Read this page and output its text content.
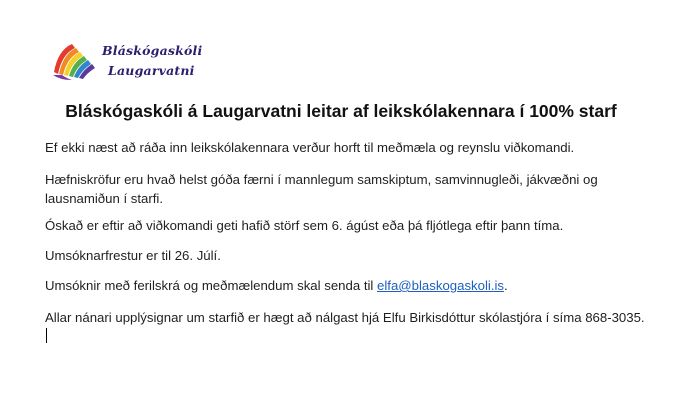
Bláskógaskóli
Laugarvatni
Bláskógaskóli á Laugarvatni leitar af leikskólakennara í 100% starf
Ef ekki næst að ráða inn leikskólakennara verður horft til meðmæla og reynslu viðkomandi.
Hæfniskröfur eru hvað helst góða færni í mannlegum samskiptum, samvinnugleði, jákvæðni og lausnamiðun í starfi.
Óskað er eftir að viðkomandi geti hafið störf sem 6. ágúst eða þá fljótlega eftir þann tíma.
Umsóknarfrestur er til 26. Júlí.
Umsóknir með ferilskrá og meðmælendum skal senda til elfa@blaskogaskoli.is.
Allar nánari upplýsignar um starfið er hægt að nálgast hjá Elfu Birkisdóttur skólastjóra í síma 868-3035.
